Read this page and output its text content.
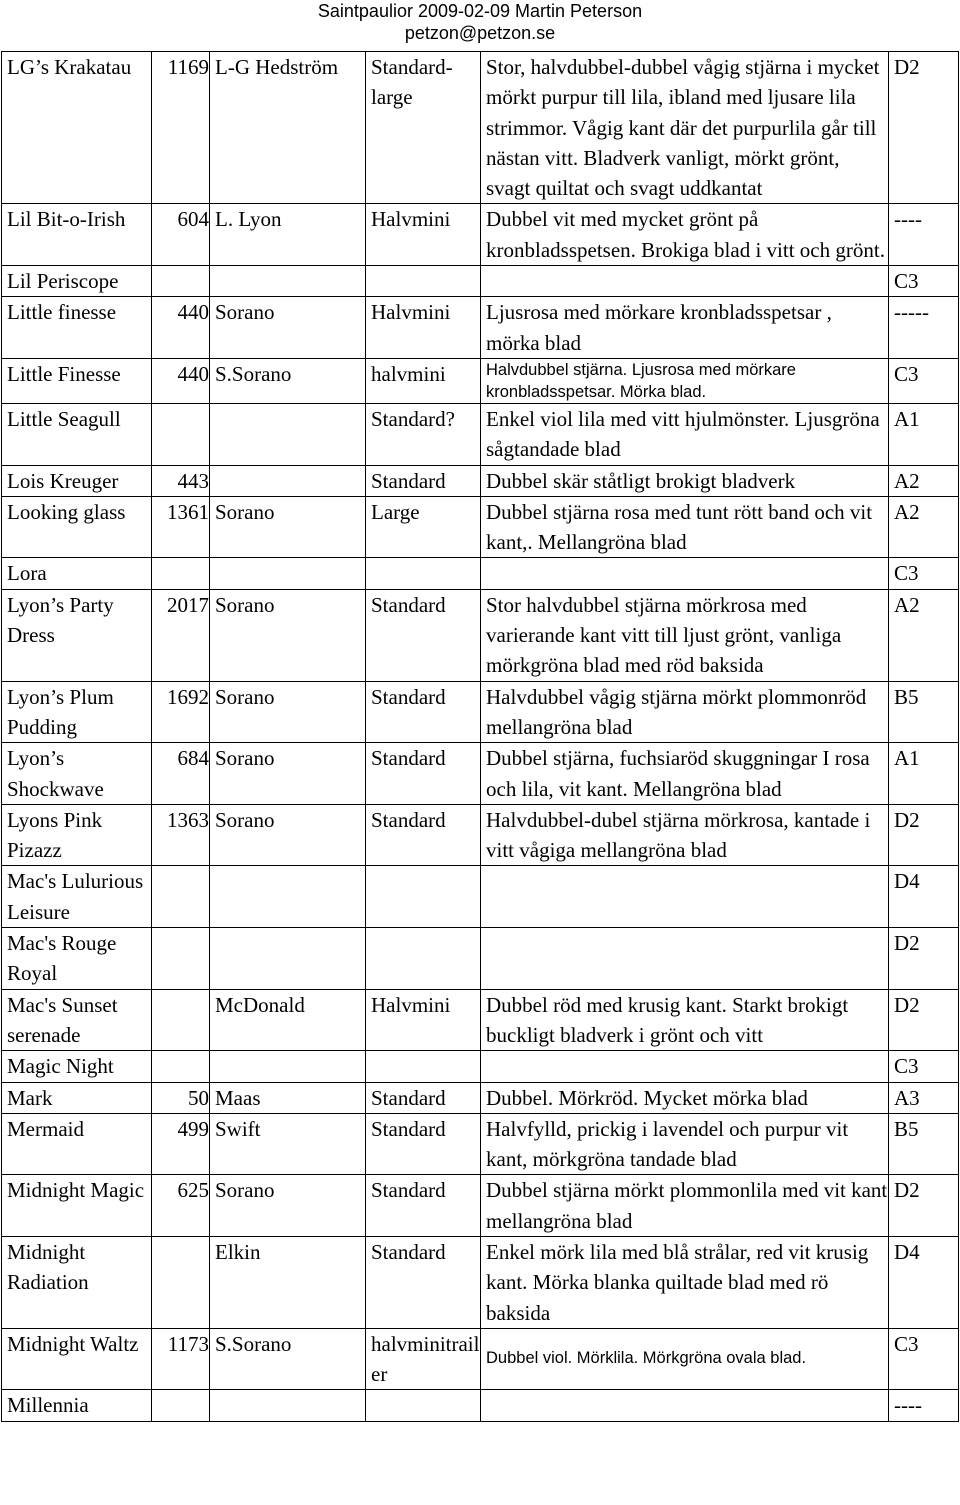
Saintpaulior 2009-02-09 Martin Peterson
petzon@petzon.se
LG’s Krakatau	1169	L-G Hedström	Standard-large	Stor, halvdubbel-dubbel vågig stjärna i mycket mörkt purpur till lila, ibland med ljusare lila strimmor. Vågig kant där det purpurlila går till nästan vitt. Bladverk vanligt, mörkt grönt, svagt quiltat och svagt uddkantat	D2
Lil Bit-o-Irish	604	L. Lyon	Halvmini	Dubbel vit med mycket grönt på kronbladsspetsen. Brokiga blad i vitt och grönt.	----
Lil Periscope					C3
Little finesse	440	Sorano	Halvmini	Ljusrosa med mörkare kronbladsspetsar , mörka blad	-----
Little Finesse	440	S.Sorano	halvmini	Halvdubbel stjärna. Ljusrosa med mörkare kronbladsspetsar. Mörka blad.	C3
Little Seagull			Standard?	Enkel viol lila med vitt hjulmönster. Ljusgröna sågtandade blad	A1
Lois Kreuger	443		Standard	Dubbel skär ståtligt brokigt bladverk	A2
Looking glass	1361	Sorano	Large	Dubbel stjärna rosa med tunt rött band och vit kant,. Mellangröna blad	A2
Lora					C3
Lyon’s Party Dress	2017	Sorano	Standard	Stor halvdubbel stjärna mörkrosa med varierande kant vitt till ljust grönt, vanliga mörkgröna blad med röd baksida	A2
Lyon’s Plum Pudding	1692	Sorano	Standard	Halvdubbel vågig stjärna mörkt plommonröd mellangröna blad	B5
Lyon’s Shockwave	684	Sorano	Standard	Dubbel stjärna, fuchsiaröd skuggningar I rosa och lila, vit kant. Mellangröna blad	A1
Lyons Pink Pizazz	1363	Sorano	Standard	Halvdubbel-dubel stjärna mörkrosa, kantade i vitt vågiga mellangröna blad	D2
Mac's Lulurious Leisure					D4
Mac's Rouge Royal					D2
Mac's Sunset serenade		McDonald	Halvmini	Dubbel röd med krusig kant. Starkt brokigt buckligt bladverk i grönt och vitt	D2
Magic Night					C3
Mark	50	Maas	Standard	Dubbel. Mörkröd. Mycket mörka blad	A3
Mermaid	499	Swift	Standard	Halvfylld, prickig i lavendel och purpur vit kant, mörkgröna tandade blad	B5
Midnight Magic	625	Sorano	Standard	Dubbel stjärna mörkt plommonlila med vit kant mellangröna blad	D2
Midnight Radiation		Elkin	Standard	Enkel mörk lila med blå strålar, red vit krusig kant. Mörka blanka quiltade blad med rö baksida	D4
Midnight Waltz	1173	S.Sorano	halvminitrailer	Dubbel viol. Mörklila. Mörkgröna ovala blad.	C3
Millennia					----
